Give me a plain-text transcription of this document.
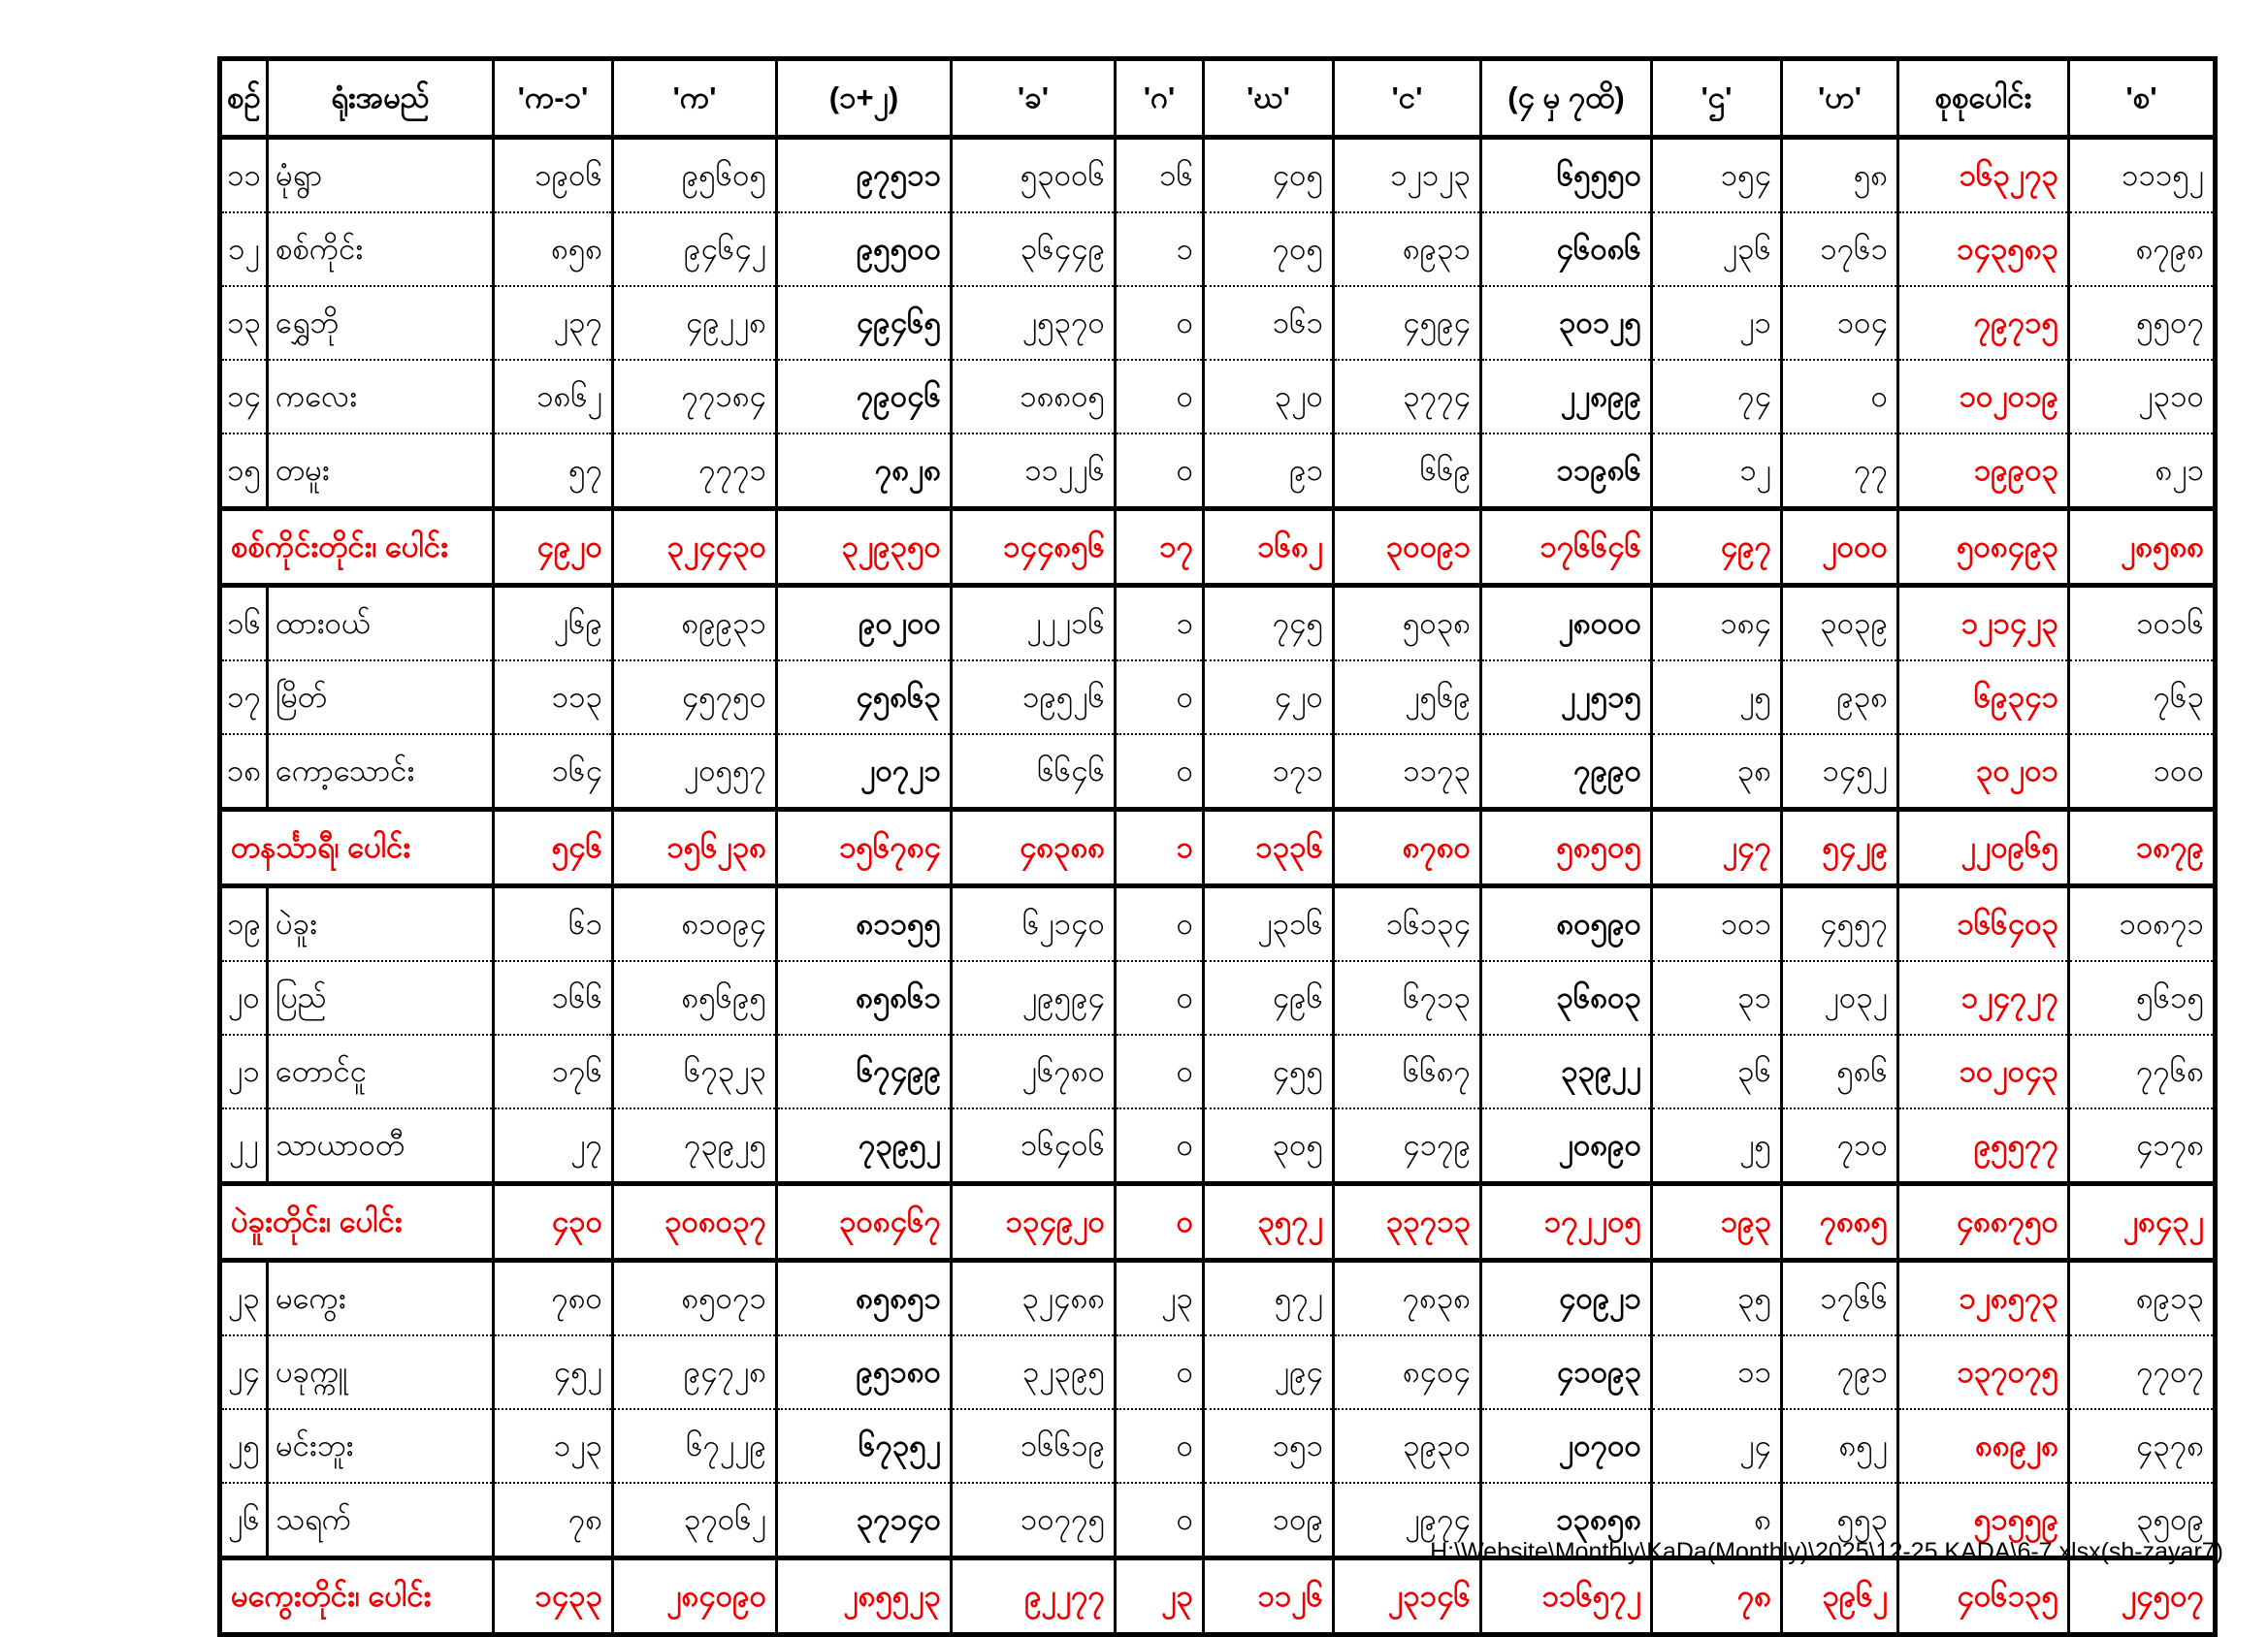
စဉ်	ရုံးအမည်	'က-၁'	'က'	(၁+၂)	'ခ'	'ဂ'	'ဃ'	'င'	(၄ မှ ၇ထိ)	'ဌ'	'ဟ'	စုစုပေါင်း	'စ'
၁၁	မုံရွာ	၁၉၀၆	၉၅၆၀၅	၉၇၅၁၁	၅၃၀၀၆	၁၆	၄၀၅	၁၂၁၂၃	၆၅၅၅၀	၁၅၄	၅၈	၁၆၃၂၇၃	၁၁၁၅၂
၁၂	စစ်ကိုင်း	၈၅၈	၉၄၆၄၂	၉၅၅၀၀	၃၆၄၄၉	၁	၇၀၅	၈၉၃၁	၄၆၀၈၆	၂၃၆	၁၇၆၁	၁၄၃၅၈၃	၈၇၉၈
၁၃	ရွှေဘို	၂၃၇	၄၉၂၂၈	၄၉၄၆၅	၂၅၃၇၀	၀	၁၆၁	၄၅၉၄	၃၀၁၂၅	၂၁	၁၀၄	၇၉၇၁၅	၅၅၀၇
၁၄	ကလေး	၁၈၆၂	၇၇၁၈၄	၇၉၀၄၆	၁၈၈၀၅	၀	၃၂၀	၃၇၇၄	၂၂၈၉၉	၇၄	၀	၁၀၂၀၁၉	၂၃၁၀
၁၅	တမူး	၅၇	၇၇၇၁	၇၈၂၈	၁၁၂၂၆	၀	၉၁	၆၆၉	၁၁၉၈၆	၁၂	၇၇	၁၉၉၀၃	၈၂၁
စစ်ကိုင်းတိုင်း၊ ပေါင်း		၄၉၂၀	၃၂၄၄၃၀	၃၂၉၃၅၀	၁၄၄၈၅၆	၁၇	၁၆၈၂	၃၀၀၉၁	၁၇၆၆၄၆	၄၉၇	၂၀၀၀	၅၀၈၄၉၃	၂၈၅၈၈
၁၆	ထားဝယ်	၂၆၉	၈၉၉၃၁	၉၀၂၀၀	၂၂၂၁၆	၁	၇၄၅	၅၀၃၈	၂၈၀၀၀	၁၈၄	၃၀၃၉	၁၂၁၄၂၃	၁၀၁၆
၁၇	မြိတ်	၁၁၃	၄၅၇၅၀	၄၅၈၆၃	၁၉၅၂၆	၀	၄၂၀	၂၅၆၉	၂၂၅၁၅	၂၅	၉၃၈	၆၉၃၄၁	၇၆၃
၁၈	ကော့သောင်း	၁၆၄	၂၀၅၅၇	၂၀၇၂၁	၆၆၄၆	၀	၁၇၁	၁၁၇၃	၇၉၉၀	၃၈	၁၄၅၂	၃၀၂၀၁	၁၀၀
တနင်္သာရီ၊ ပေါင်း		၅၄၆	၁၅၆၂၃၈	၁၅၆၇၈၄	၄၈၃၈၈	၁	၁၃၃၆	၈၇၈၀	၅၈၅၀၅	၂၄၇	၅၄၂၉	၂၂၀၉၆၅	၁၈၇၉
၁၉	ပဲခူး	၆၁	၈၁၀၉၄	၈၁၁၅၅	၆၂၁၄၀	၀	၂၃၁၆	၁၆၁၃၄	၈၀၅၉၀	၁၀၁	၄၅၅၇	၁၆၆၄၀၃	၁၀၈၇၁
၂၀	ပြည်	၁၆၆	၈၅၆၉၅	၈၅၈၆၁	၂၉၅၉၄	၀	၄၉၆	၆၇၁၃	၃၆၈၀၃	၃၁	၂၀၃၂	၁၂၄၇၂၇	၅၆၁၅
၂၁	တောင်ငူ	၁၇၆	၆၇၃၂၃	၆၇၄၉၉	၂၆၇၈၀	၀	၄၅၅	၆၆၈၇	၃၃၉၂၂	၃၆	၅၈၆	၁၀၂၀၄၃	၇၇၆၈
၂၂	သာယာဝတီ	၂၇	၇၃၉၂၅	၇၃၉၅၂	၁၆၄၀၆	၀	၃၀၅	၄၁၇၉	၂၀၈၉၀	၂၅	၇၁၀	၉၅၅၇၇	၄၁၇၈
ပဲခူးတိုင်း၊ ပေါင်း		၄၃၀	၃၀၈၀၃၇	၃၀၈၄၆၇	၁၃၄၉၂၀	၀	၃၅၇၂	၃၃၇၁၃	၁၇၂၂၀၅	၁၉၃	၇၈၈၅	၄၈၈၇၅၀	၂၈၄၃၂
၂၃	မကွေး	၇၈၀	၈၅၀၇၁	၈၅၈၅၁	၃၂၄၈၈	၂၃	၅၇၂	၇၈၃၈	၄၀၉၂၁	၃၅	၁၇၆၆	၁၂၈၅၇၃	၈၉၁၃
၂၄	ပခုက္ကူ	၄၅၂	၉၄၇၂၈	၉၅၁၈၀	၃၂၃၉၅	၀	၂၉၄	၈၄၀၄	၄၁၀၉၃	၁၁	၇၉၁	၁၃၇၀၇၅	၇၇၀၇
၂၅	မင်းဘူး	၁၂၃	၆၇၂၂၉	၆၇၃၅၂	၁၆၆၁၉	၀	၁၅၁	၃၉၃၀	၂၀၇၀၀	၂၄	၈၅၂	၈၈၉၂၈	၄၃၇၈
၂၆	သရက်	၇၈	၃၇၀၆၂	၃၇၁၄၀	၁၀၇၇၅	၀	၁၀၉	၂၉၇၄	၁၃၈၅၈	၈	၅၅၃	၅၁၅၅၉	၃၅၀၉
မကွေးတိုင်း၊ ပေါင်း		၁၄၃၃	၂၈၄၀၉၀	၂၈၅၅၂၃	၉၂၂၇၇	၂၃	၁၁၂၆	၂၃၁၄၆	၁၁၆၅၇၂	၇၈	၃၉၆၂	၄၀၆၁၃၅	၂၄၅၀၇
H:\Website\Monthly\KaDa(Monthly)\2025\12-25 KADA\6-7.xlsx(sh-zayar7)
